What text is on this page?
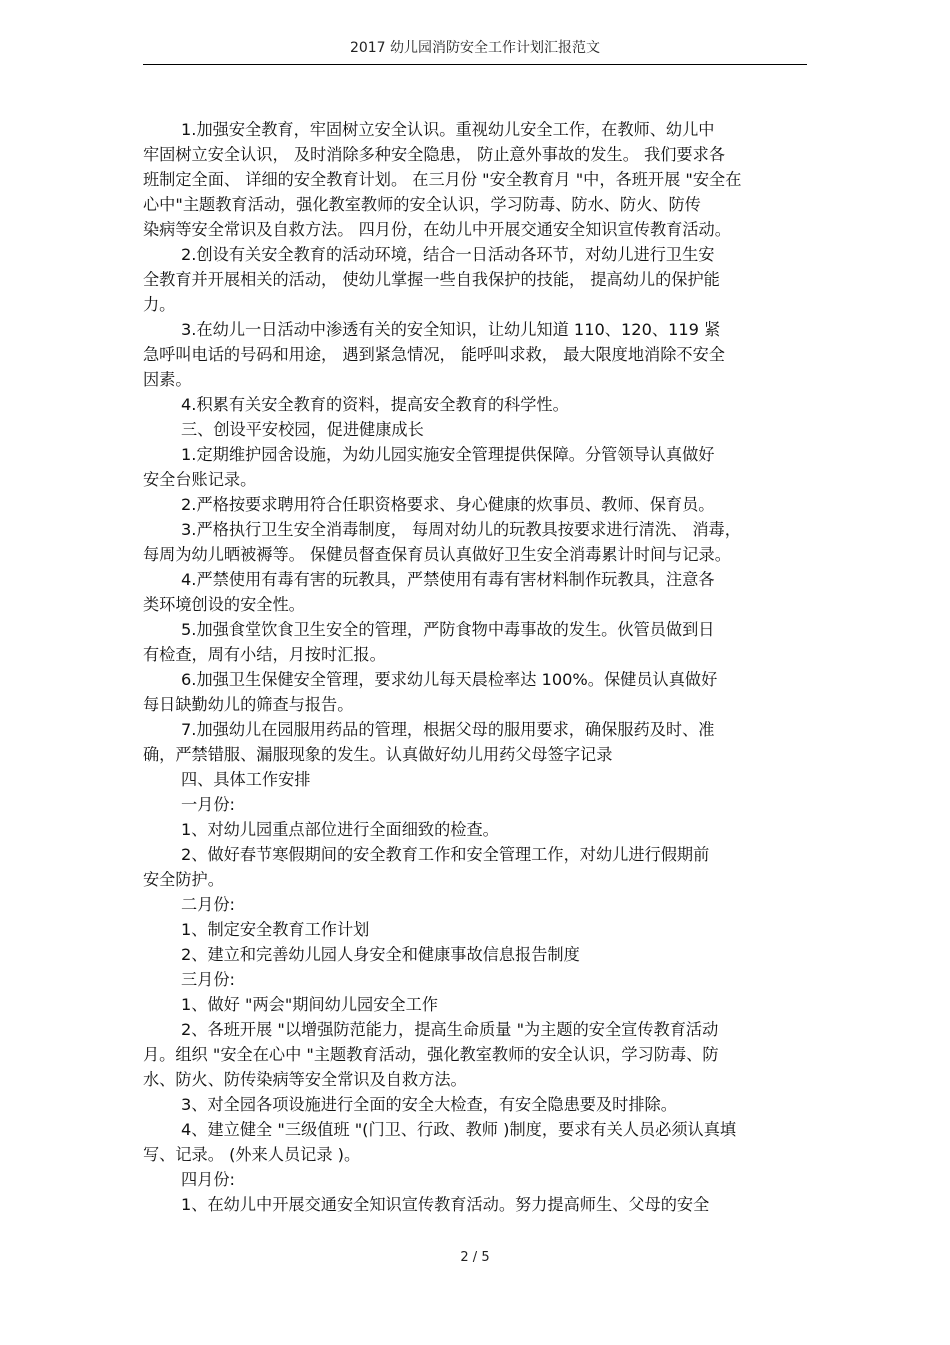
2017 幼儿园消防安全工作计划汇报范文
1.加强安全教育，牢固树立安全认识。重视幼儿安全工作，在教师、幼儿中
牢固树立安全认识， 及时消除多种安全隐患， 防止意外事故的发生。 我们要求各
班制定全面、 详细的安全教育计划。 在三月份 "安全教育月 "中，各班开展 "安全在
心中"主题教育活动，强化教室教师的安全认识，学习防毒、防水、防火、防传
染病等安全常识及自救方法。 四月份，在幼儿中开展交通安全知识宣传教育活动。
2.创设有关安全教育的活动环境，结合一日活动各环节，对幼儿进行卫生安
全教育并开展相关的活动， 使幼儿掌握一些自我保护的技能， 提高幼儿的保护能
力。
3.在幼儿一日活动中渗透有关的安全知识，让幼儿知道 110、120、119 紧
急呼叫电话的号码和用途， 遇到紧急情况， 能呼叫求救， 最大限度地消除不安全
因素。
4.积累有关安全教育的资料，提高安全教育的科学性。
三、创设平安校园，促进健康成长
1.定期维护园舍设施，为幼儿园实施安全管理提供保障。分管领导认真做好
安全台账记录。
2.严格按要求聘用符合任职资格要求、身心健康的炊事员、教师、保育员。
3.严格执行卫生安全消毒制度， 每周对幼儿的玩教具按要求进行清洗、 消毒，
每周为幼儿晒被褥等。 保健员督查保育员认真做好卫生安全消毒累计时间与记录。
4.严禁使用有毒有害的玩教具，严禁使用有毒有害材料制作玩教具，注意各
类环境创设的安全性。
5.加强食堂饮食卫生安全的管理，严防食物中毒事故的发生。伙管员做到日
有检查，周有小结，月按时汇报。
6.加强卫生保健安全管理，要求幼儿每天晨检率达 100%。保健员认真做好
每日缺勤幼儿的筛查与报告。
7.加强幼儿在园服用药品的管理，根据父母的服用要求，确保服药及时、准
确，严禁错服、漏服现象的发生。认真做好幼儿用药父母签字记录
四、具体工作安排
一月份:
1、对幼儿园重点部位进行全面细致的检查。
2、做好春节寒假期间的安全教育工作和安全管理工作，对幼儿进行假期前
安全防护。
二月份:
1、制定安全教育工作计划
2、建立和完善幼儿园人身安全和健康事故信息报告制度
三月份:
1、做好 "两会"期间幼儿园安全工作
2、各班开展 "以增强防范能力，提高生命质量 "为主题的安全宣传教育活动
月。组织 "安全在心中 "主题教育活动，强化教室教师的安全认识，学习防毒、防
水、防火、防传染病等安全常识及自救方法。
3、对全园各项设施进行全面的安全大检查，有安全隐患要及时排除。
4、建立健全 "三级值班 "(门卫、行政、教师 )制度，要求有关人员必须认真填
写、记录。 (外来人员记录 )。
四月份:
1、在幼儿中开展交通安全知识宣传教育活动。努力提高师生、父母的安全
2 / 5
